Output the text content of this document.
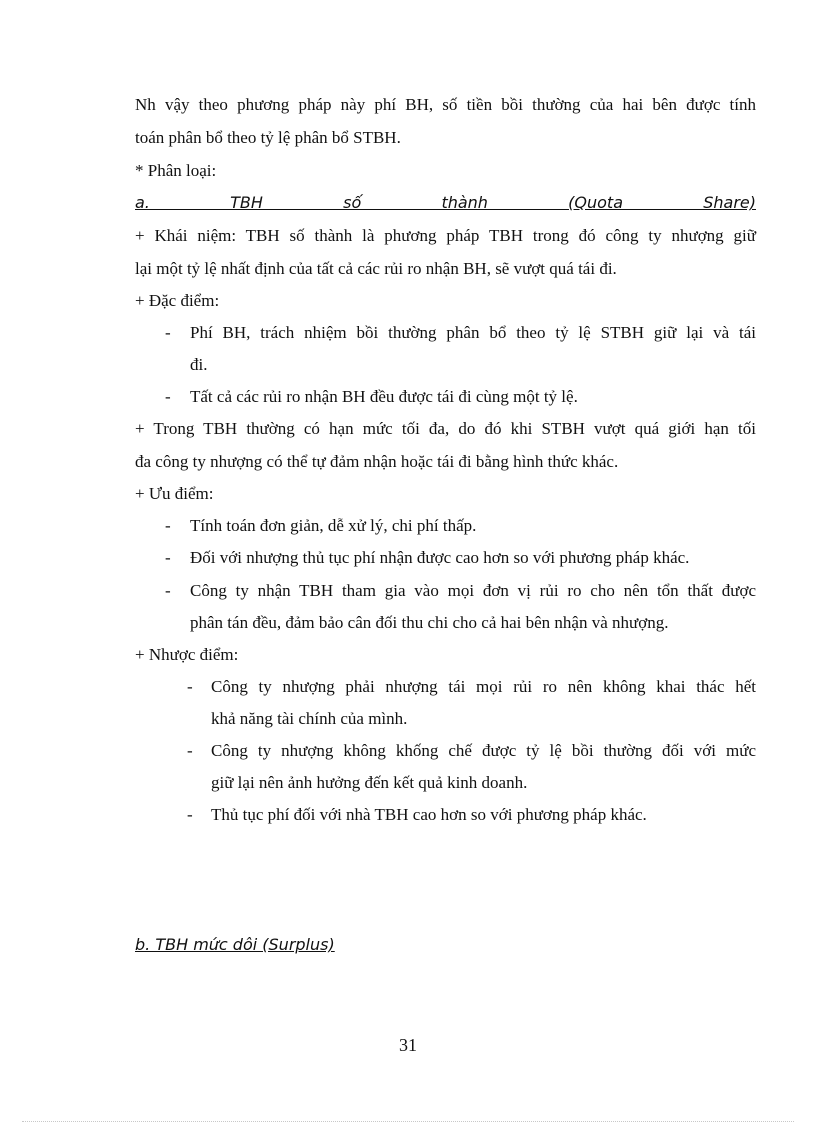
Nh vậy theo phương pháp này phí BH, số tiền bồi thường của hai bên được tính
toán phân bổ theo tỷ lệ phân bổ STBH.
* Phân loại:
a. TBH số thành (Quota Share)
+ Khái niệm: TBH số thành là phương pháp TBH trong đó công ty nhượng giữ
lại một tỷ lệ nhất định của tất cả các rủi ro nhận BH, sẽ vượt quá tái đi.
+ Đặc điểm:
- Phí BH, trách nhiệm bồi thường phân bổ theo tỷ lệ STBH giữ lại và tái
đi.
- Tất cả các rủi ro nhận BH đều được tái đi cùng một tỷ lệ.
+ Trong TBH thường có hạn mức tối đa, do đó khi STBH vượt quá giới hạn tối
đa công ty nhượng có thể tự đảm nhận hoặc tái đi bằng hình thức khác.
+ Ưu điểm:
- Tính toán đơn giản, dễ xử lý, chi phí thấp.
- Đối với nhượng thủ tục phí nhận được cao hơn so với phương pháp khác.
- Công ty nhận TBH tham gia vào mọi đơn vị rủi ro cho nên tổn thất được
phân tán đều, đảm bảo cân đối thu chi cho cả hai bên nhận và nhượng.
+ Nhược điểm:
- Công ty nhượng phải nhượng tái mọi rủi ro nên không khai thác hết
khả năng tài chính của mình.
- Công ty nhượng không khống chế được tỷ lệ bồi thường đối với mức
giữ lại nên ảnh hưởng đến kết quả kinh doanh.
- Thủ tục phí đối với nhà TBH cao hơn so với phương pháp khác.
b. TBH mức dôi (Surplus)
31
